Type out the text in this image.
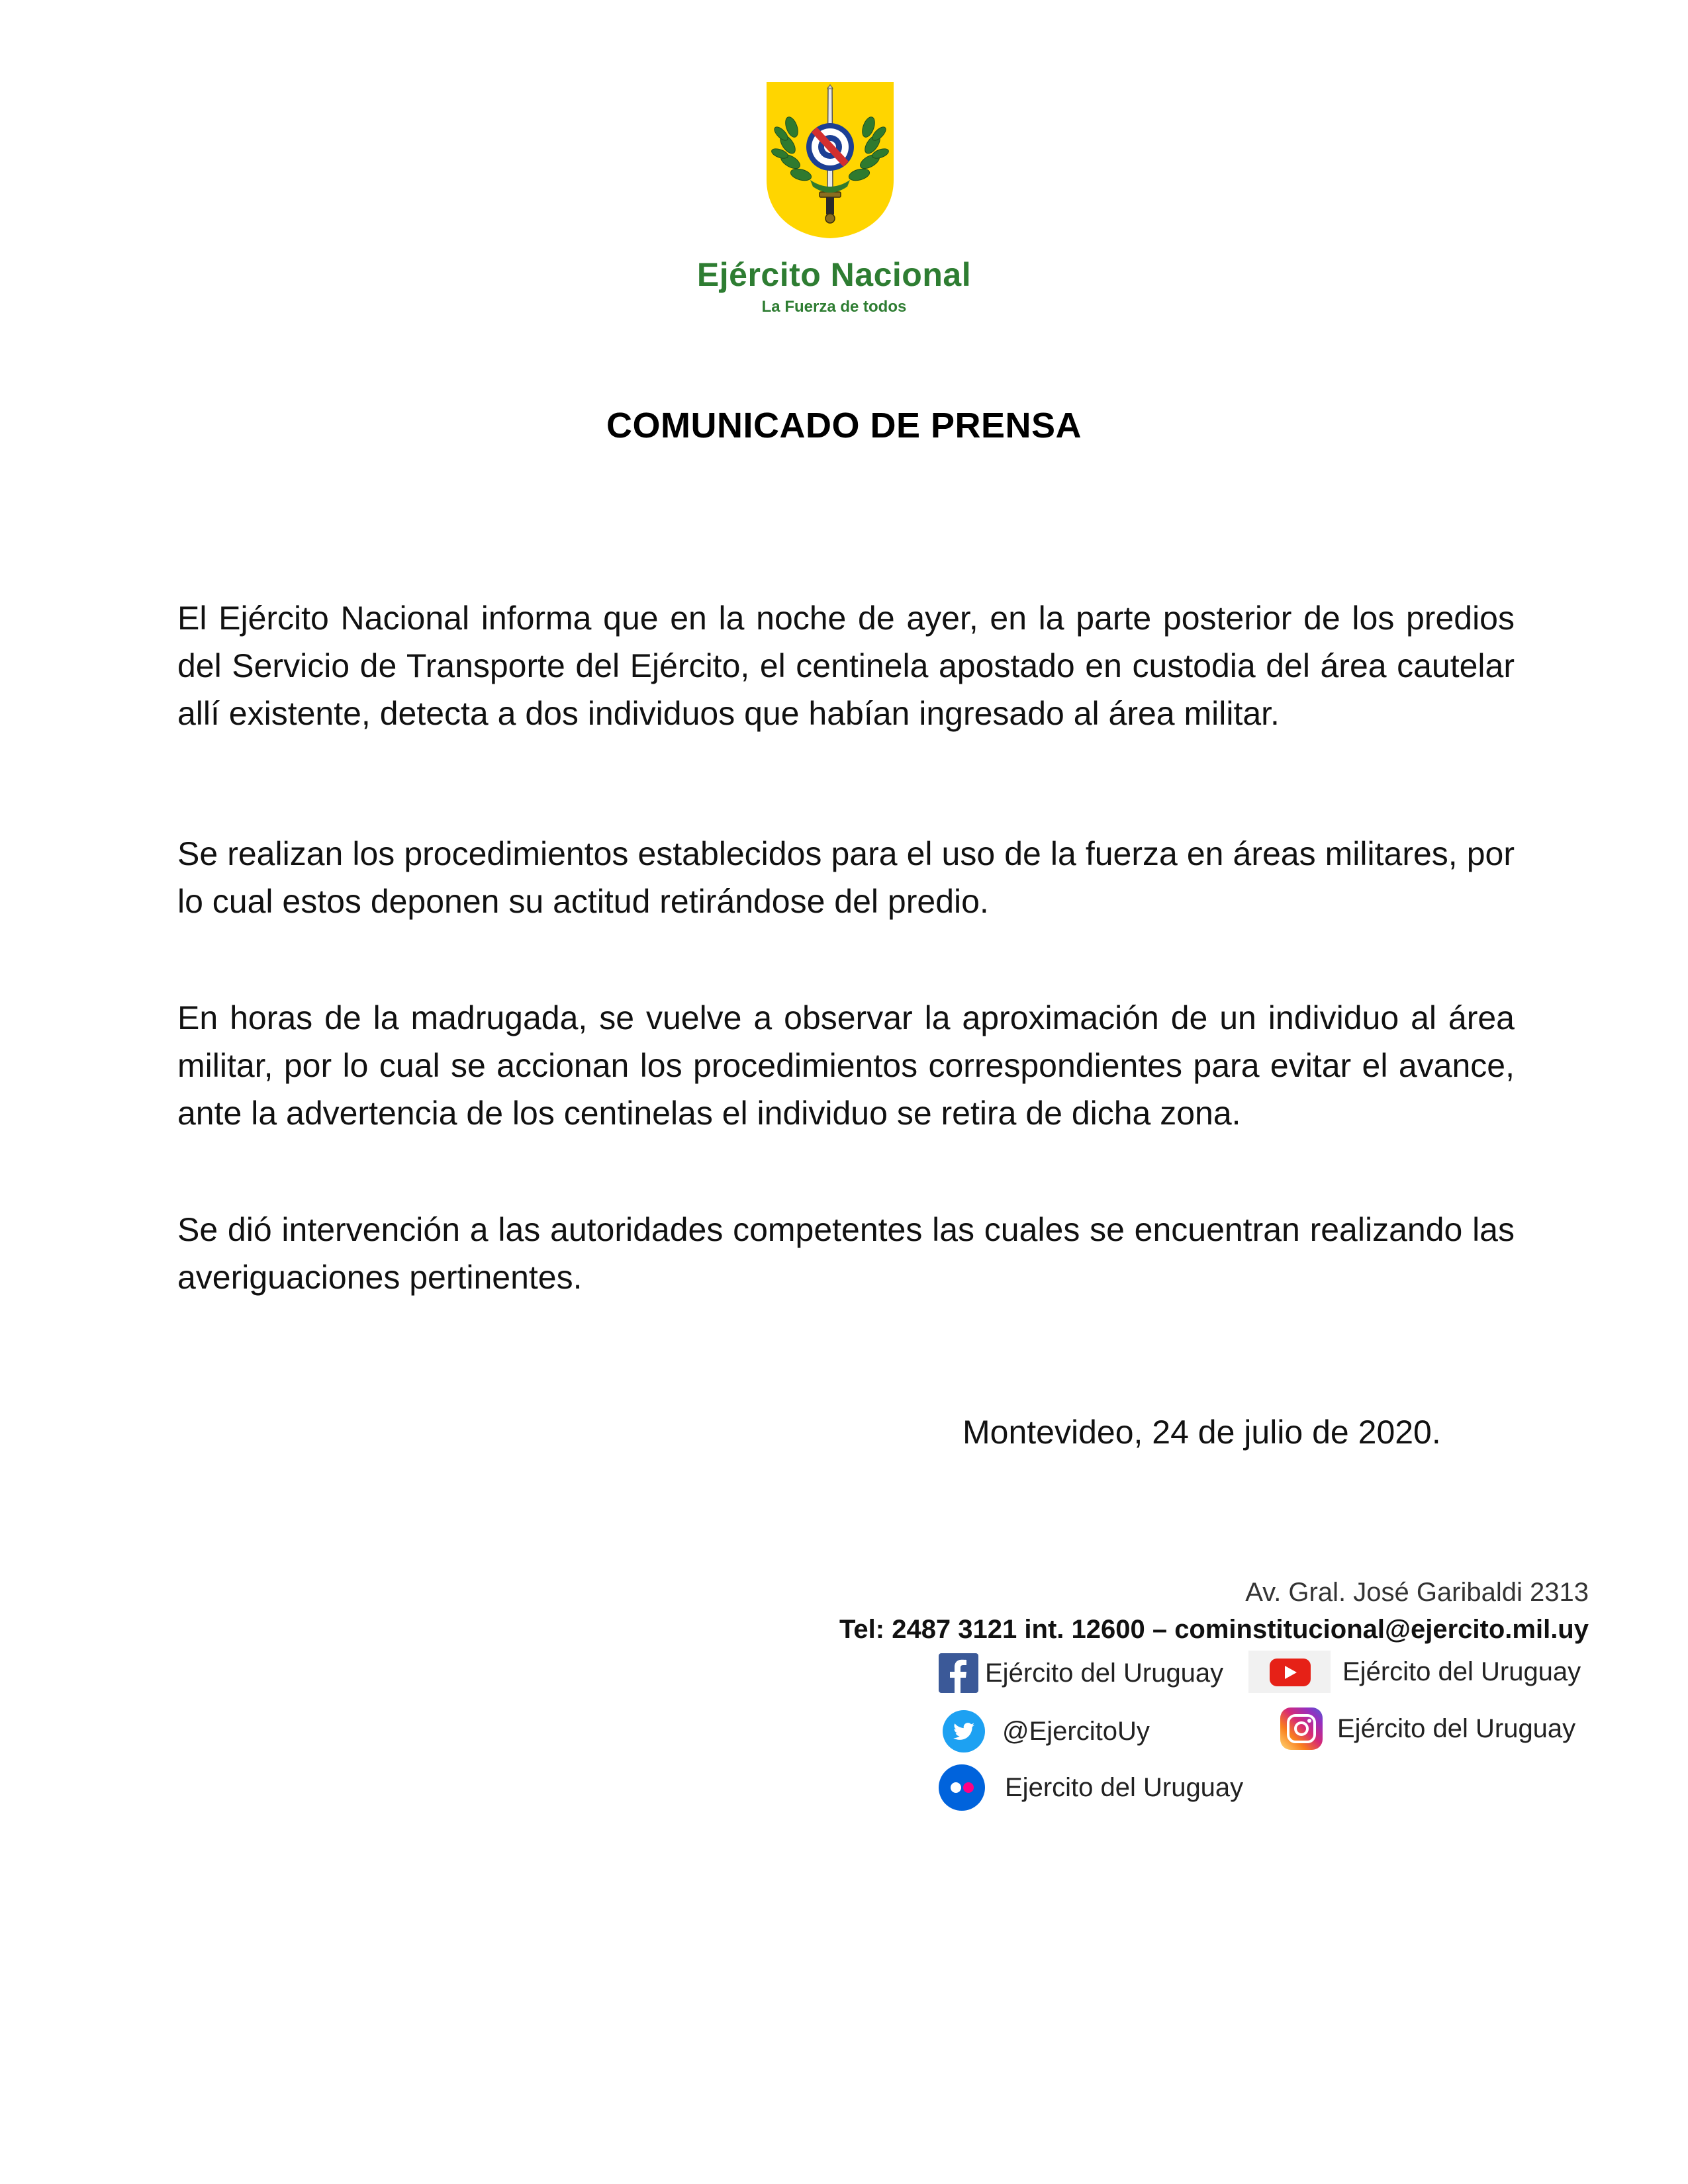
Ejército Nacional
La Fuerza de todos
COMUNICADO DE PRENSA

El Ejército Nacional informa que en la noche de ayer, en la parte posterior de los predios del Servicio de Transporte del Ejército, el centinela apostado en custodia del área cautelar allí existente, detecta a dos individuos que habían ingresado al área militar.

Se realizan los procedimientos establecidos para el uso de la fuerza en áreas militares, por lo cual estos deponen su actitud retirándose del predio.

En horas de la madrugada, se vuelve a observar la aproximación de un individuo al área militar, por lo cual se accionan los procedimientos correspondientes para evitar el avance, ante la advertencia de los centinelas el individuo se retira de dicha zona.

Se dió intervención a las autoridades competentes las cuales se encuentran realizando las averiguaciones pertinentes.

Montevideo, 24 de julio de 2020.
Av. Gral. José Garibaldi 2313
Tel: 2487 3121 int. 12600 – cominstitucional@ejercito.mil.uy
Ejército del Uruguay	Ejército del Uruguay
@EjercitoUy	Ejército del Uruguay
Ejercito del Uruguay
